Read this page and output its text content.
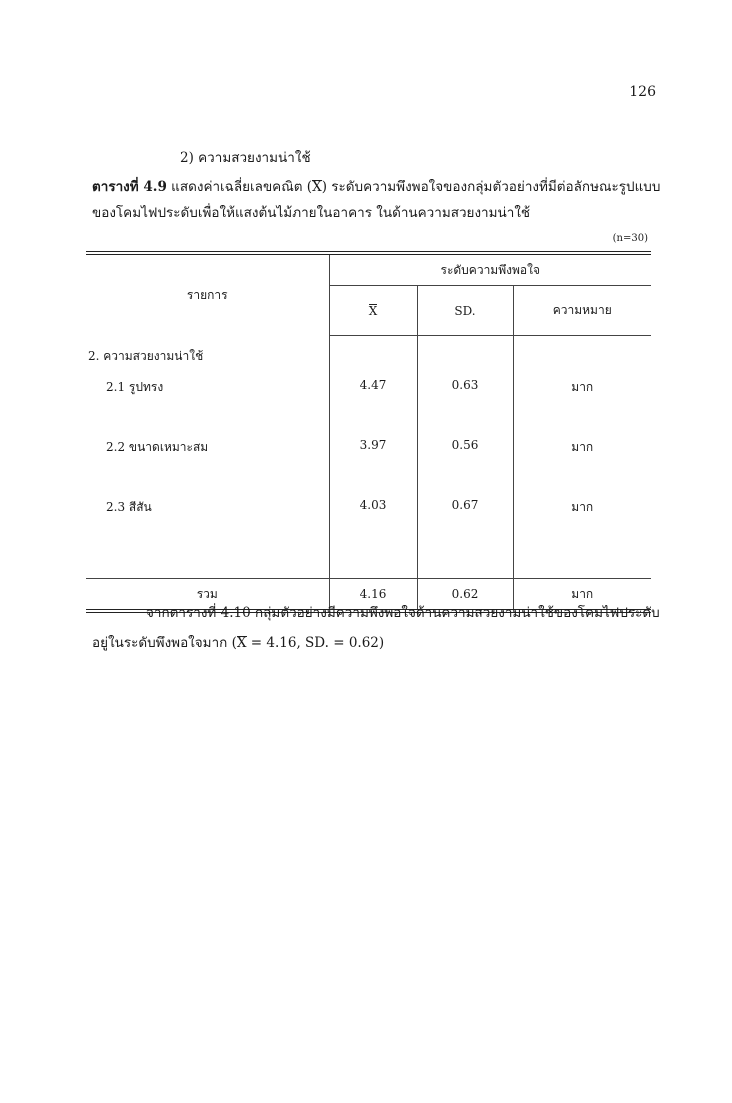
126
2) ความสวยงามน่าใช้
ตารางที่ 4.9 แสดงค่าเฉลี่ยเลขคณิต (X) ระดับความพึงพอใจของกลุ่มตัวอย่างที่มีต่อลักษณะรูปแบบของโคมไฟประดับเพื่อให้แสงต้นไม้ภายในอาคาร ในด้านความสวยงามน่าใช้
(n=30)
รายการ	ระดับความพึงพอใจ		
	X	SD.	ความหมาย
2. ความสวยงามน่าใช้			
2.1 รูปทรง	4.47	0.63	มาก
2.2 ขนาดเหมาะสม	3.97	0.56	มาก
2.3 สีสัน	4.03	0.67	มาก

รวม	4.16	0.62	มาก
จากตารางที่ 4.10 กลุ่มตัวอย่างมีความพึงพอใจด้านความสวยงามน่าใช้ของโคมไฟประดับอยู่ในระดับพึงพอใจมาก (X = 4.16, SD. = 0.62)
